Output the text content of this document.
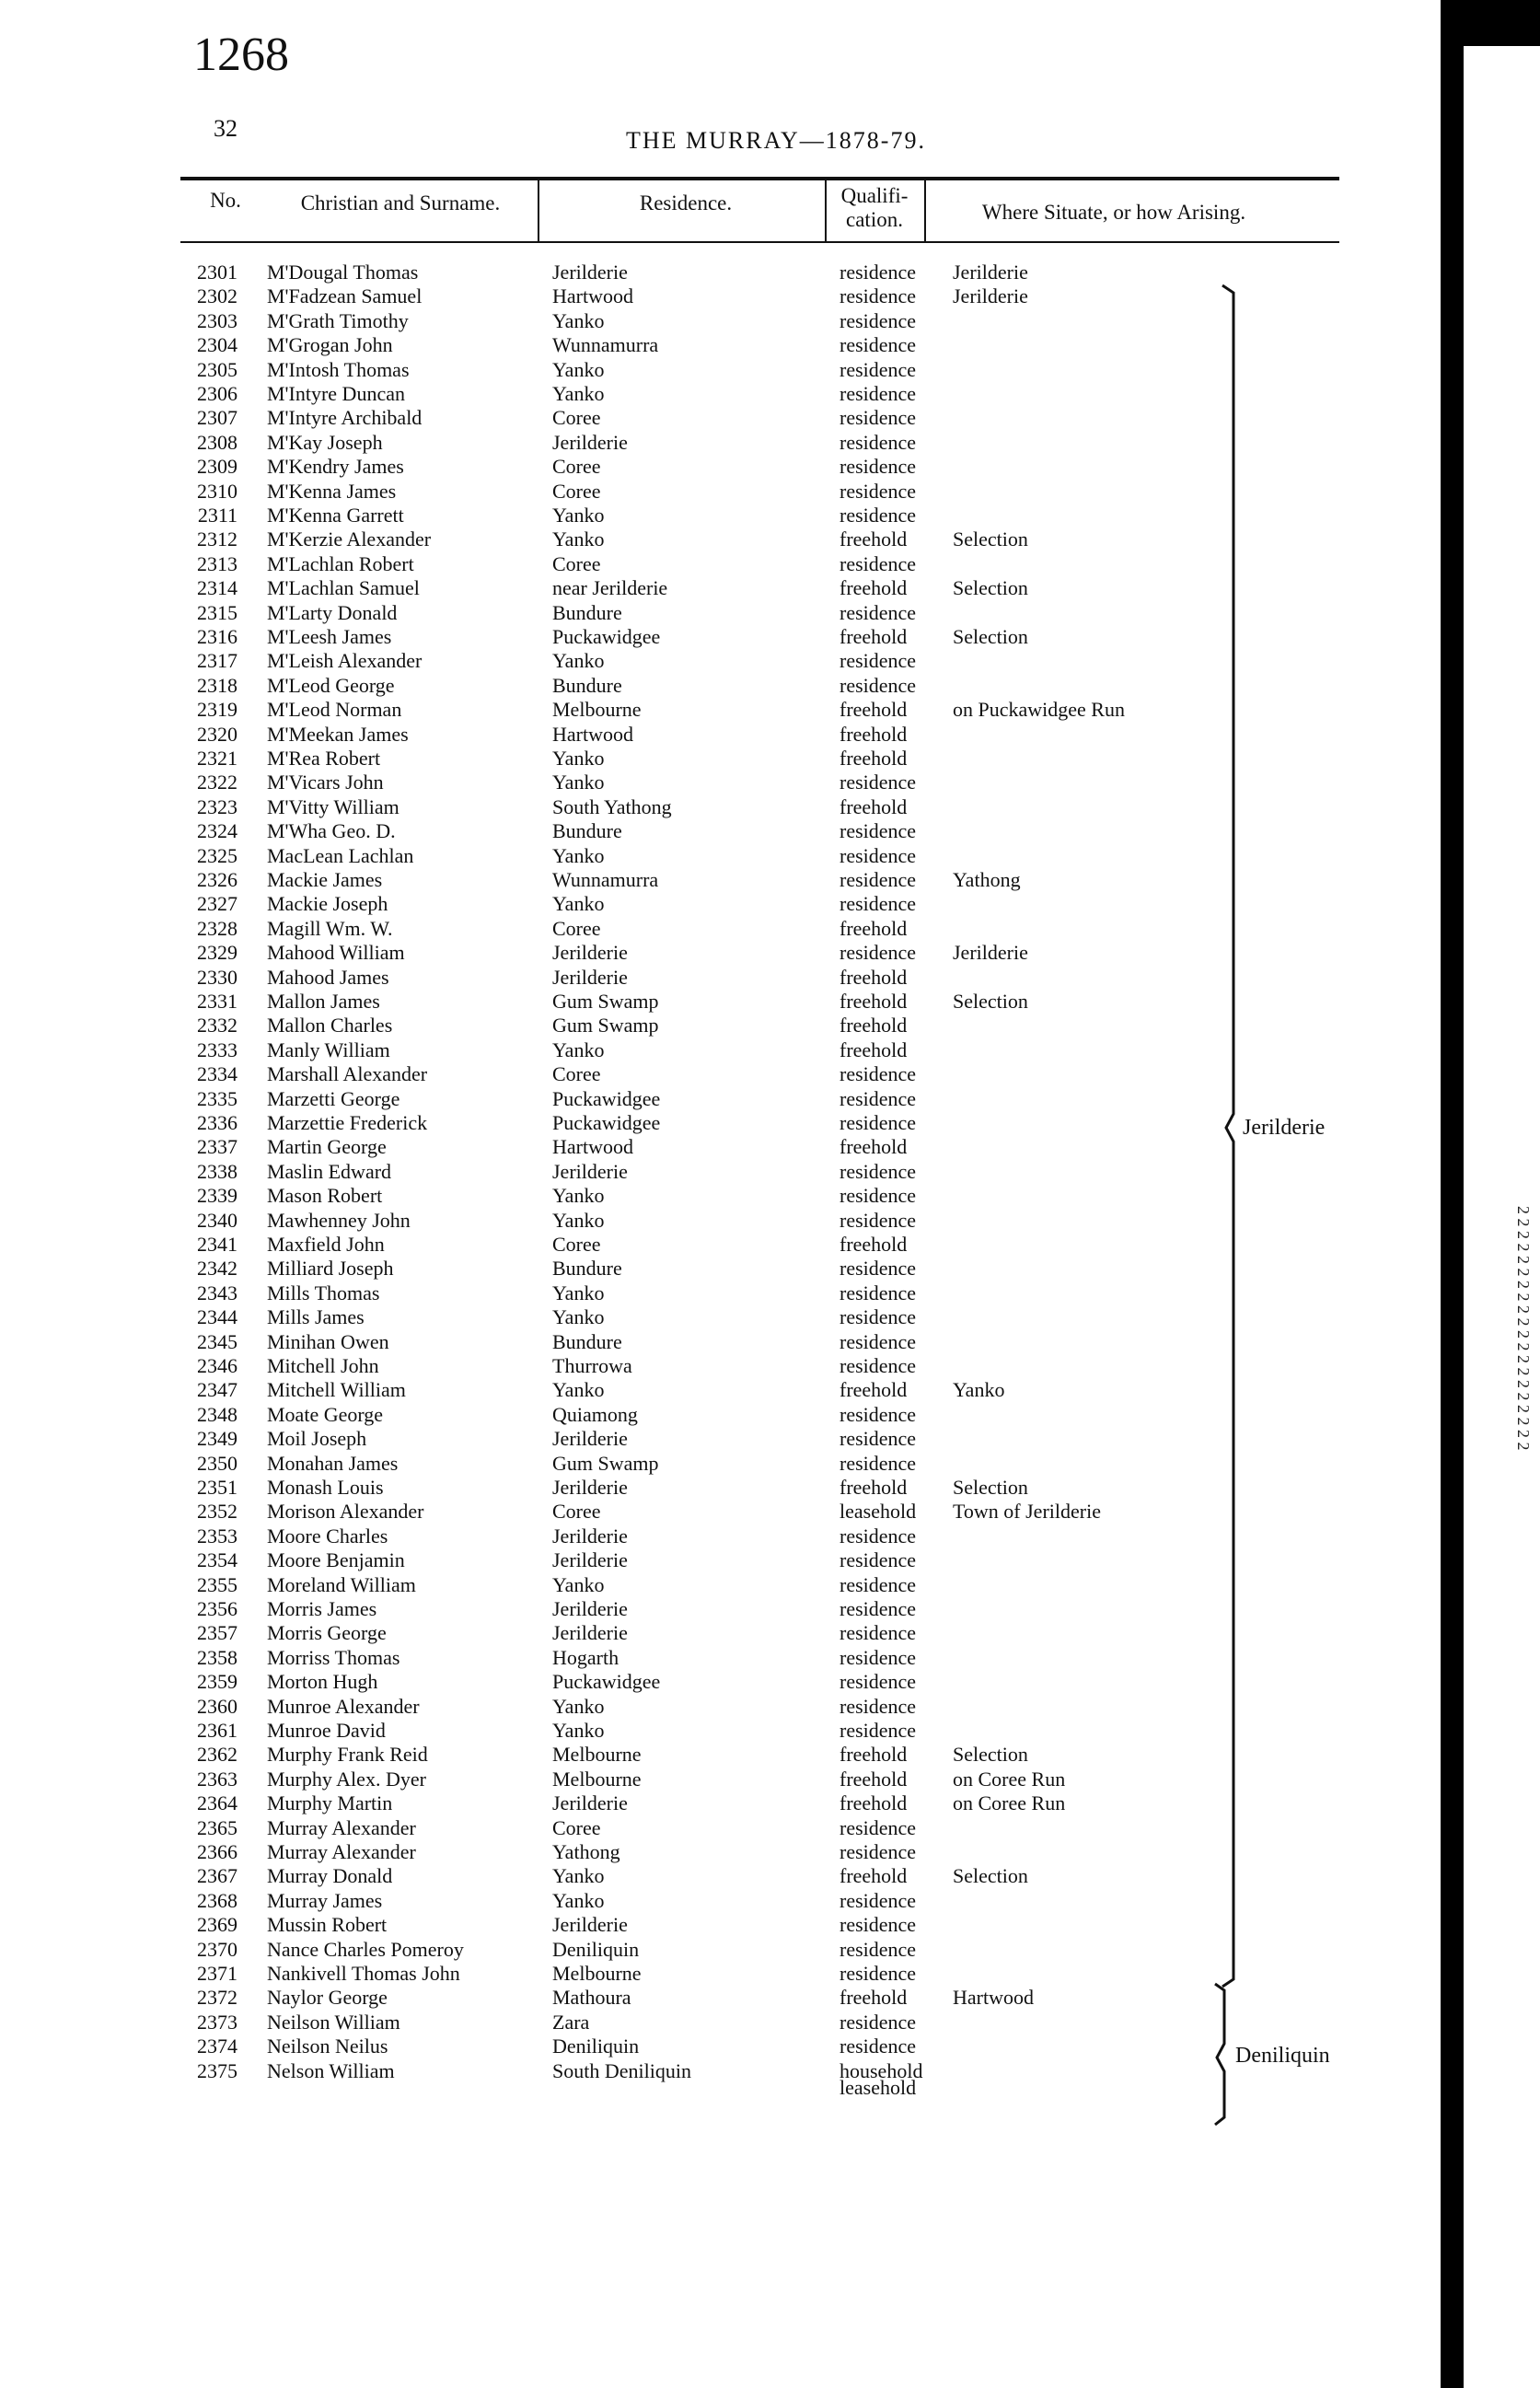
1268
32	THE MURRAY—1878-79.
No.	Christian and Surname.	Residence.	Qualifi- cation.	Where Situate, or how Arising.
2301 M'Dougal Thomas	Jerilderie	residence Jerilderie
2302 M'Fadzean Samuel	Hartwood	residence Jerilderie
2303 M'Grath Timothy	Yanko	residence
2304 M'Grogan John	Wunnamurra	residence
2305 M'Intosh Thomas	Yanko	residence
2306 M'Intyre Duncan	Yanko	residence
2307 M'Intyre Archibald	Coree	residence
2308 M'Kay Joseph	Jerilderie	residence
2309 M'Kendry James	Coree	residence
2310 M'Kenna James	Coree	residence
2311 M'Kenna Garrett	Yanko	residence
2312 M'Kerzie Alexander	Yanko	freehold Selection
2313 M'Lachlan Robert	Coree	residence
2314 M'Lachlan Samuel	near Jerilderie	freehold Selection
2315 M'Larty Donald	Bundure	residence
2316 M'Leesh James	Puckawidgee	freehold Selection
2317 M'Leish Alexander	Yanko	residence
2318 M'Leod George	Bundure	residence
2319 M'Leod Norman	Melbourne	freehold on Puckawidgee Run
2320 M'Meekan James	Hartwood	freehold
2321 M'Rea Robert	Yanko	freehold
2322 M'Vicars John	Yanko	residence
2323 M'Vitty William	South Yathong	freehold
2324 M'Wha Geo. D.	Bundure	residence
2325 MacLean Lachlan	Yanko	residence
2326 Mackie James	Wunnamurra	residence Yathong
2327 Mackie Joseph	Yanko	residence
2328 Magill Wm. W.	Coree	freehold
2329 Mahood William	Jerilderie	residence Jerilderie
2330 Mahood James	Jerilderie	freehold
2331 Mallon James	Gum Swamp	freehold Selection
2332 Mallon Charles	Gum Swamp	freehold
2333 Manly William	Yanko	freehold
2334 Marshall Alexander	Coree	residence
2335 Marzetti George	Puckawidgee	residence
2336 Marzettie Frederick	Puckawidgee	residence
2337 Martin George	Hartwood	freehold
2338 Maslin Edward	Jerilderie	residence
2339 Mason Robert	Yanko	residence
2340 Mawhenney John	Yanko	residence
2341 Maxfield John	Coree	freehold
2342 Milliard Joseph	Bundure	residence
2343 Mills Thomas	Yanko	residence
2344 Mills James	Yanko	residence
2345 Minihan Owen	Bundure	residence
2346 Mitchell John	Thurrowa	residence
2347 Mitchell William	Yanko	freehold Yanko
2348 Moate George	Quiamong	residence
2349 Moil Joseph	Jerilderie	residence
2350 Monahan James	Gum Swamp	residence
2351 Monash Louis	Jerilderie	freehold Selection
2352 Morison Alexander	Coree	leasehold Town of Jerilderie
2353 Moore Charles	Jerilderie	residence
2354 Moore Benjamin	Jerilderie	residence
2355 Moreland William	Yanko	residence
2356 Morris James	Jerilderie	residence
2357 Morris George	Jerilderie	residence
2358 Morriss Thomas	Hogarth	residence
2359 Morton Hugh	Puckawidgee	residence
2360 Munroe Alexander	Yanko	residence
2361 Munroe David	Yanko	residence
2362 Murphy Frank Reid	Melbourne	freehold Selection
2363 Murphy Alex. Dyer	Melbourne	freehold on Coree Run
2364 Murphy Martin	Jerilderie	freehold on Coree Run
2365 Murray Alexander	Coree	residence
2366 Murray Alexander	Yathong	residence
2367 Murray Donald	Yanko	freehold Selection
2368 Murray James	Yanko	residence
2369 Mussin Robert	Jerilderie	residence
2370 Nance Charles Pomeroy	Deniliquin	residence
2371 Nankivell Thomas John	Melbourne	residence
2372 Naylor George	Mathoura	freehold Hartwood
2373 Neilson William	Zara	residence
2374 Neilson Neilus	Deniliquin	residence
2375 Nelson William	South Deniliquin	household
leasehold
Jerilderie
Deniliquin
2 2 2 2 2 2 2 2 2 2 2 2 2 2 2 2 2 2 2 2
